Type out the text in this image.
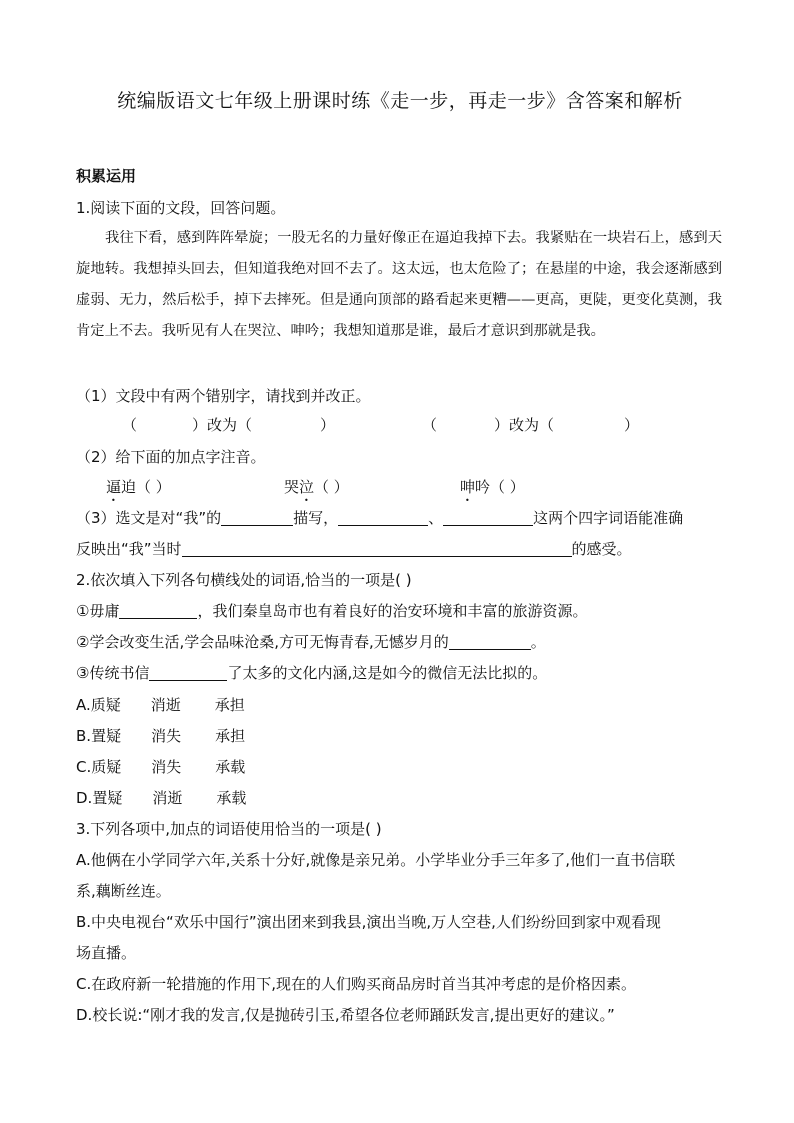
统编版语文七年级上册课时练《走一步，再走一步》含答案和解析
积累运用
1.阅读下面的文段，回答问题。

我往下看，感到阵阵晕旋；一股无名的力量好像正在逼迫我掉下去。我紧贴在一块岩石上，感到天旋地转。我想掉头回去，但知道我绝对回不去了。这太远，也太危险了；在悬崖的中途，我会逐渐感到虚弱、无力，然后松手，掉下去摔死。但是通向顶部的路看起来更糟——更高，更陡，更变化莫测，我肯定上不去。我听见有人在哭泣、呻吟；我想知道那是谁，最后才意识到那就是我。

（1）文段中有两个错别字，请找到并改正。
（	）改为（	）	（	）改为（	）
（2）给下面的加点字注音。
逼迫（ ）	哭泣（ ）	呻吟（ ）
（3）选文是对“我”的	描写，	、	这两个四字词语能准确
反映出“我”当时	的感受。
2.依次填入下列各句横线处的词语,恰当的一项是( )
①毋庸	，我们秦皇岛市也有着良好的治安环境和丰富的旅游资源。
②学会改变生活,学会品味沧桑,方可无悔青春,无憾岁月的	。
③传统书信	了太多的文化内涵,这是如今的微信无法比拟的。
A.质疑 消逝 承担
B.置疑 消失 承担
C.质疑 消失 承载
D.置疑 消逝 承载
3.下列各项中,加点的词语使用恰当的一项是( )
A.他俩在小学同学六年,关系十分好,就像是亲兄弟。小学毕业分手三年多了,他们一直书信联
系,藕断丝连。
B.中央电视台“欢乐中国行”演出团来到我县,演出当晚,万人空巷,人们纷纷回到家中观看现
场直播。
C.在政府新一轮措施的作用下,现在的人们购买商品房时首当其冲考虑的是价格因素。
D.校长说:“刚才我的发言,仅是抛砖引玉,希望各位老师踊跃发言,提出更好的建议。”
